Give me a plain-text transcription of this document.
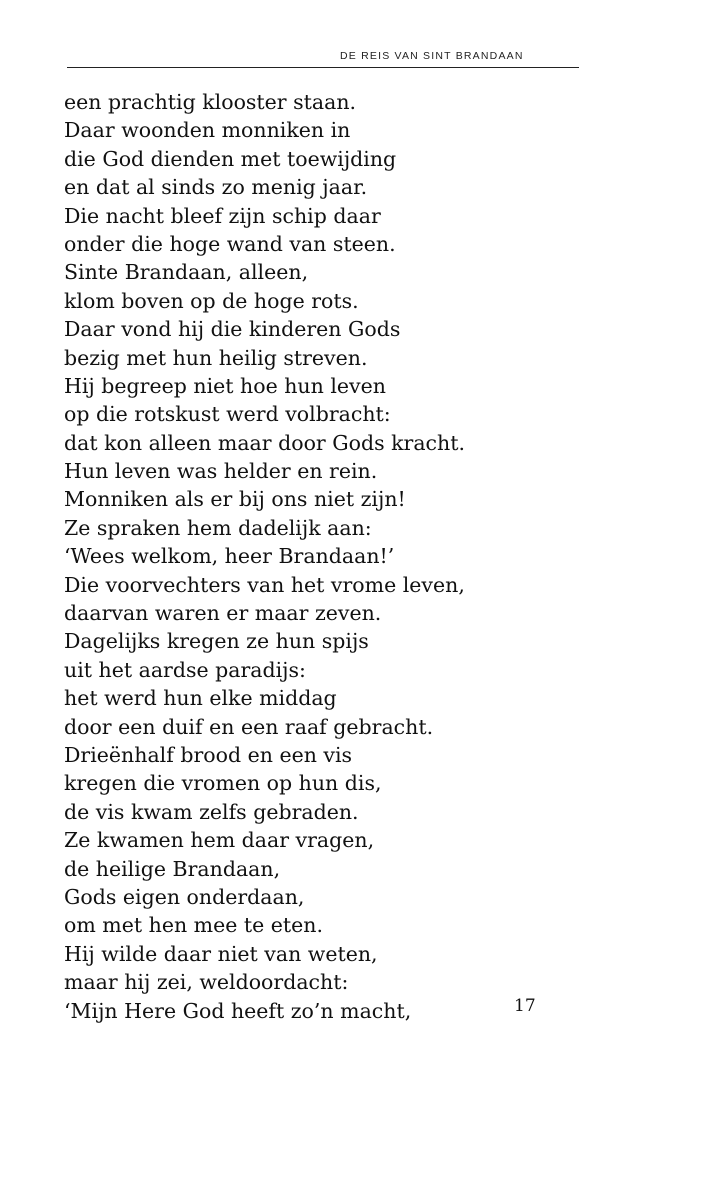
DE REIS VAN SINT BRANDAAN
een prachtig klooster staan.
Daar woonden monniken in
die God dienden met toewijding
en dat al sinds zo menig jaar.
Die nacht bleef zijn schip daar
onder die hoge wand van steen.
Sinte Brandaan, alleen,
klom boven op de hoge rots.
Daar vond hij die kinderen Gods
bezig met hun heilig streven.
Hij begreep niet hoe hun leven
op die rotskust werd volbracht:
dat kon alleen maar door Gods kracht.
Hun leven was helder en rein.
Monniken als er bij ons niet zijn!
Ze spraken hem dadelijk aan:
‘Wees welkom, heer Brandaan!’
Die voorvechters van het vrome leven,
daarvan waren er maar zeven.
Dagelijks kregen ze hun spijs
uit het aardse paradijs:
het werd hun elke middag
door een duif en een raaf gebracht.
Drieënhalf brood en een vis
kregen die vromen op hun dis,
de vis kwam zelfs gebraden.
Ze kwamen hem daar vragen,
de heilige Brandaan,
Gods eigen onderdaan,
om met hen mee te eten.
Hij wilde daar niet van weten,
maar hij zei, weldoordacht:
‘Mijn Here God heeft zo’n macht,	17
